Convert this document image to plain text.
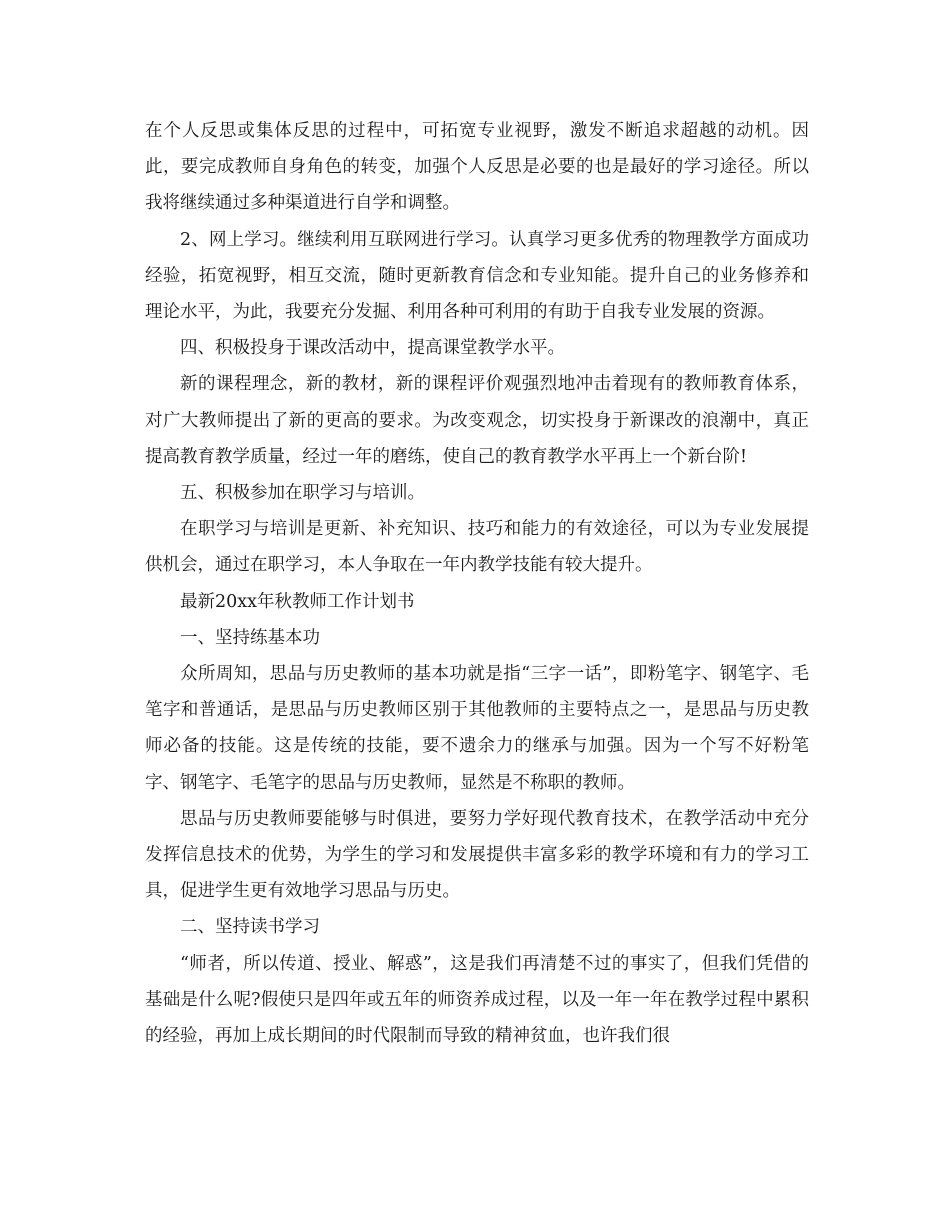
在个人反思或集体反思的过程中，可拓宽专业视野，激发不断追求超越的动机。因此，要完成教师自身角色的转变，加强个人反思是必要的也是最好的学习途径。所以我将继续通过多种渠道进行自学和调整。

2、网上学习。继续利用互联网进行学习。认真学习更多优秀的物理教学方面成功经验，拓宽视野，相互交流，随时更新教育信念和专业知能。提升自己的业务修养和理论水平，为此，我要充分发掘、利用各种可利用的有助于自我专业发展的资源。

四、积极投身于课改活动中，提高课堂教学水平。

新的课程理念，新的教材，新的课程评价观强烈地冲击着现有的教师教育体系，对广大教师提出了新的更高的要求。为改变观念，切实投身于新课改的浪潮中，真正提高教育教学质量，经过一年的磨练，使自己的教育教学水平再上一个新台阶!

五、积极参加在职学习与培训。

在职学习与培训是更新、补充知识、技巧和能力的有效途径，可以为专业发展提供机会，通过在职学习，本人争取在一年内教学技能有较大提升。

最新20xx年秋教师工作计划书

一、坚持练基本功

众所周知，思品与历史教师的基本功就是指“三字一话”，即粉笔字、钢笔字、毛笔字和普通话，是思品与历史教师区别于其他教师的主要特点之一，是思品与历史教师必备的技能。这是传统的技能，要不遗余力的继承与加强。因为一个写不好粉笔字、钢笔字、毛笔字的思品与历史教师，显然是不称职的教师。

思品与历史教师要能够与时俱进，要努力学好现代教育技术，在教学活动中充分发挥信息技术的优势，为学生的学习和发展提供丰富多彩的教学环境和有力的学习工具，促进学生更有效地学习思品与历史。

二、坚持读书学习

“师者，所以传道、授业、解惑”，这是我们再清楚不过的事实了，但我们凭借的基础是什么呢?假使只是四年或五年的师资养成过程，以及一年一年在教学过程中累积的经验，再加上成长期间的时代限制而导致的精神贫血，也许我们很
